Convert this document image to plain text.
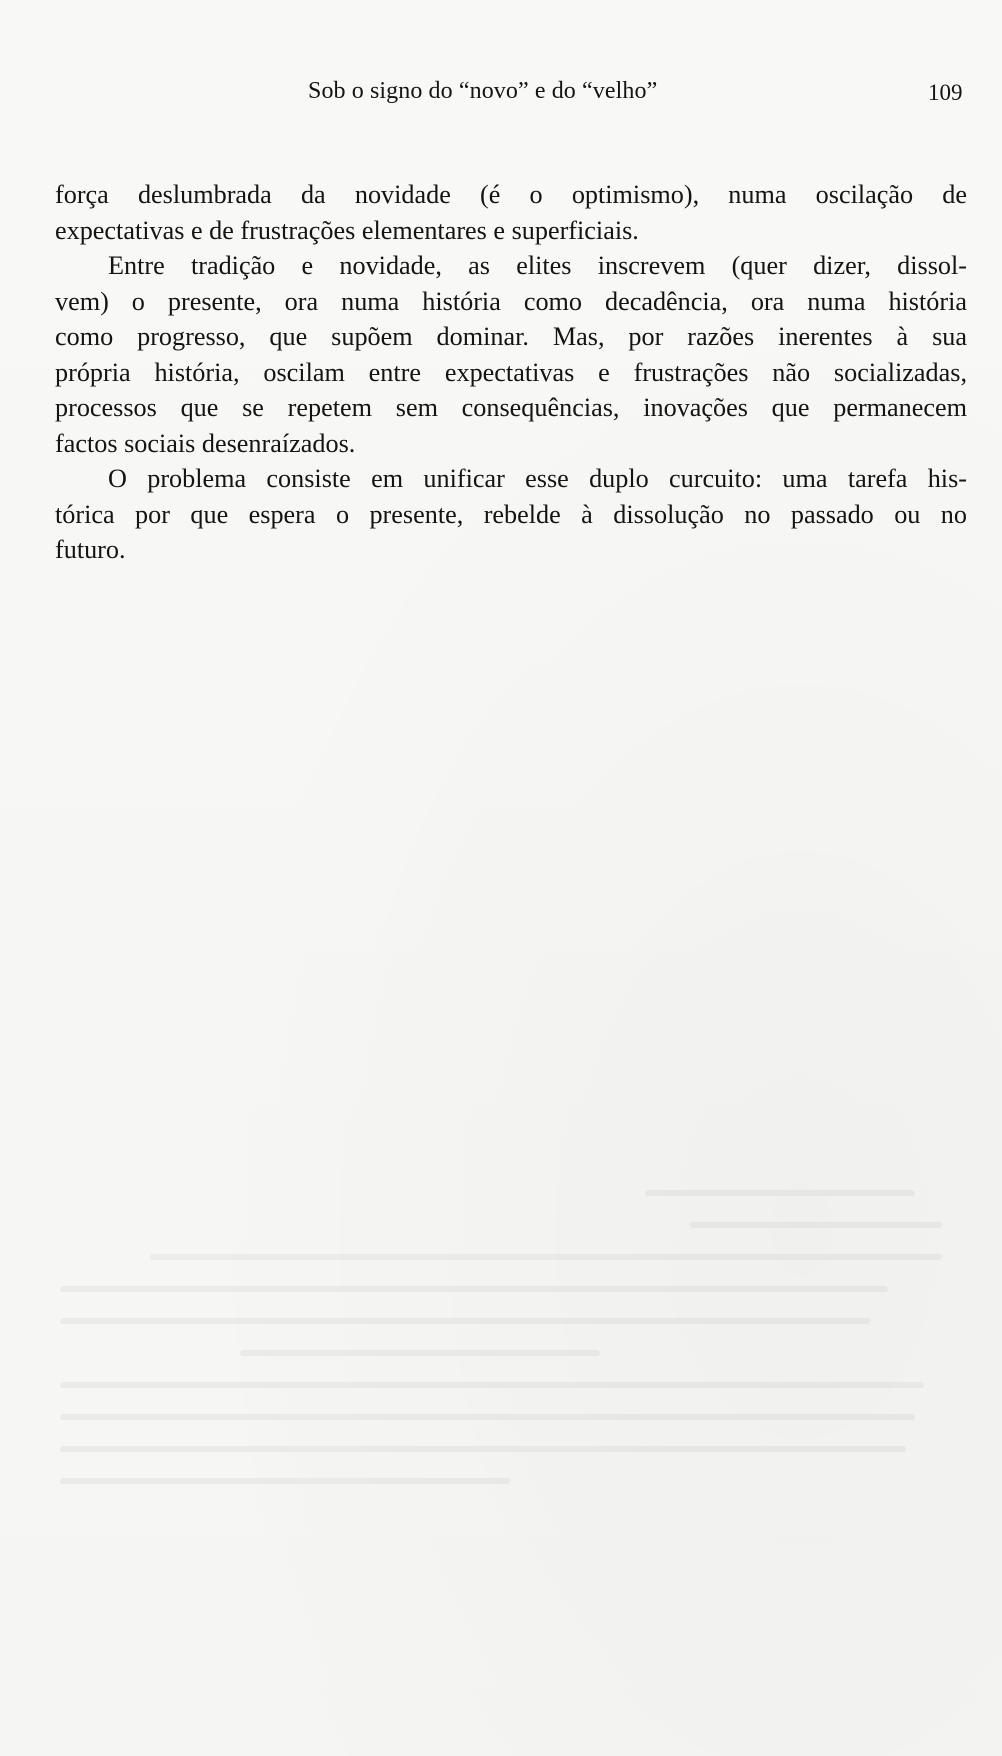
Sob o signo do “novo” e do “velho”	109
força deslumbrada da novidade (é o optimismo), numa oscilação de
expectativas e de frustrações elementares e superficiais.
Entre tradição e novidade, as elites inscrevem (quer dizer, dissol-
vem) o presente, ora numa história como decadência, ora numa história
como progresso, que supõem dominar. Mas, por razões inerentes à sua
própria história, oscilam entre expectativas e frustrações não socializadas,
processos que se repetem sem consequências, inovações que permanecem
factos sociais desenraízados.
O problema consiste em unificar esse duplo curcuito: uma tarefa his-
tórica por que espera o presente, rebelde à dissolução no passado ou no
futuro.
